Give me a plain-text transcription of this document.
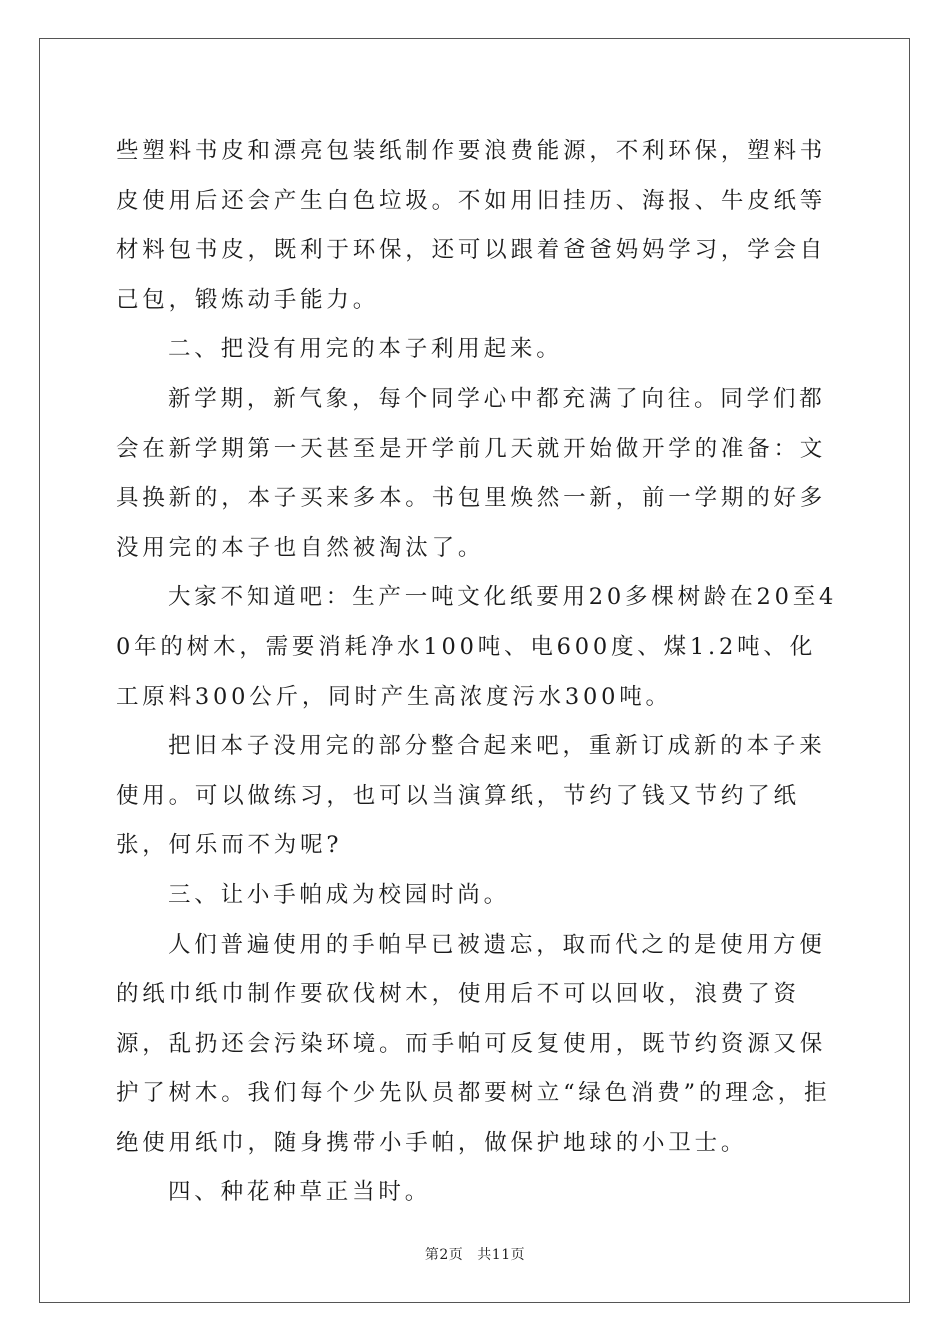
些塑料书皮和漂亮包装纸制作要浪费能源，不利环保，塑料书皮使用后还会产生白色垃圾。不如用旧挂历、海报、牛皮纸等材料包书皮，既利于环保，还可以跟着爸爸妈妈学习，学会自己包，锻炼动手能力。

二、把没有用完的本子利用起来。

新学期，新气象，每个同学心中都充满了向往。同学们都会在新学期第一天甚至是开学前几天就开始做开学的准备：文具换新的，本子买来多本。书包里焕然一新，前一学期的好多没用完的本子也自然被淘汰了。

大家不知道吧：生产一吨文化纸要用20多棵树龄在20至40年的树木，需要消耗净水100吨、电600度、煤1.2吨、化工原料300公斤，同时产生高浓度污水300吨。

把旧本子没用完的部分整合起来吧，重新订成新的本子来使用。可以做练习，也可以当演算纸，节约了钱又节约了纸张，何乐而不为呢?

三、让小手帕成为校园时尚。

人们普遍使用的手帕早已被遗忘，取而代之的是使用方便的纸巾纸巾制作要砍伐树木，使用后不可以回收，浪费了资源，乱扔还会污染环境。而手帕可反复使用，既节约资源又保护了树木。我们每个少先队员都要树立“绿色消费”的理念，拒绝使用纸巾，随身携带小手帕，做保护地球的小卫士。

四、种花种草正当时。

第2页 共11页
